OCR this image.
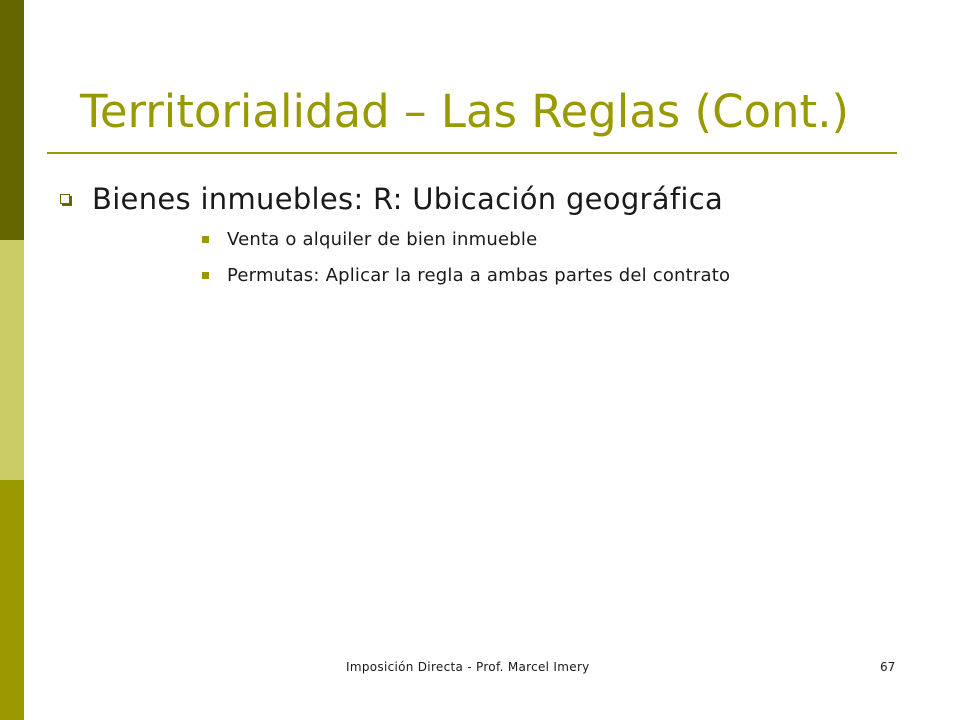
Territorialidad – Las Reglas (Cont.)
Bienes inmuebles: R: Ubicación geográfica
Venta o alquiler de bien inmueble
Permutas: Aplicar la regla a ambas partes del contrato
Imposición Directa - Prof. Marcel Imery	67
